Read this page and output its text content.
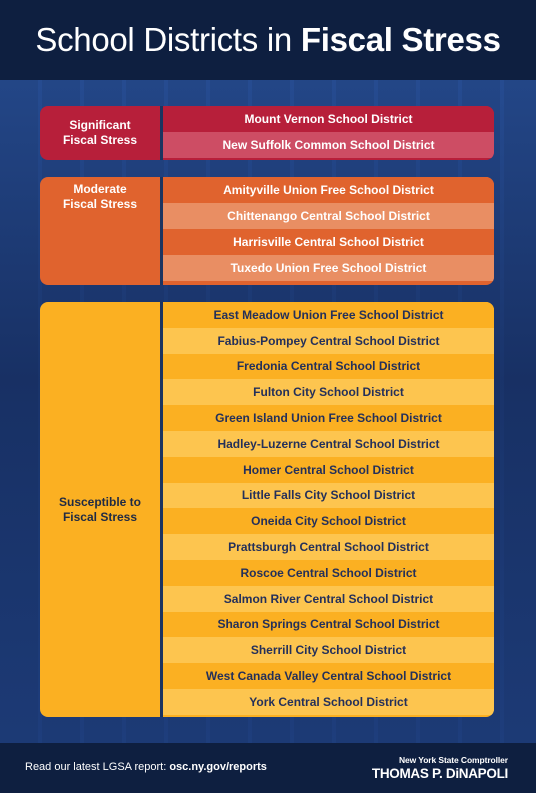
School Districts in Fiscal Stress
Significant
Fiscal Stress
Mount Vernon School District
New Suffolk Common School District
Moderate
Fiscal Stress
Amityville Union Free School District
Chittenango Central School District
Harrisville Central School District
Tuxedo Union Free School District
Susceptible to
Fiscal Stress
East Meadow Union Free School District
Fabius-Pompey Central School District
Fredonia Central School District
Fulton City School District
Green Island Union Free School District
Hadley-Luzerne Central School District
Homer Central School District
Little Falls City School District
Oneida City School District
Prattsburgh Central School District
Roscoe Central School District
Salmon River Central School District
Sharon Springs Central School District
Sherrill City School District
West Canada Valley Central School District
York Central School District
Read our latest LGSA report: osc.ny.gov/reports
New York State Comptroller
THOMAS P. DiNAPOLI
